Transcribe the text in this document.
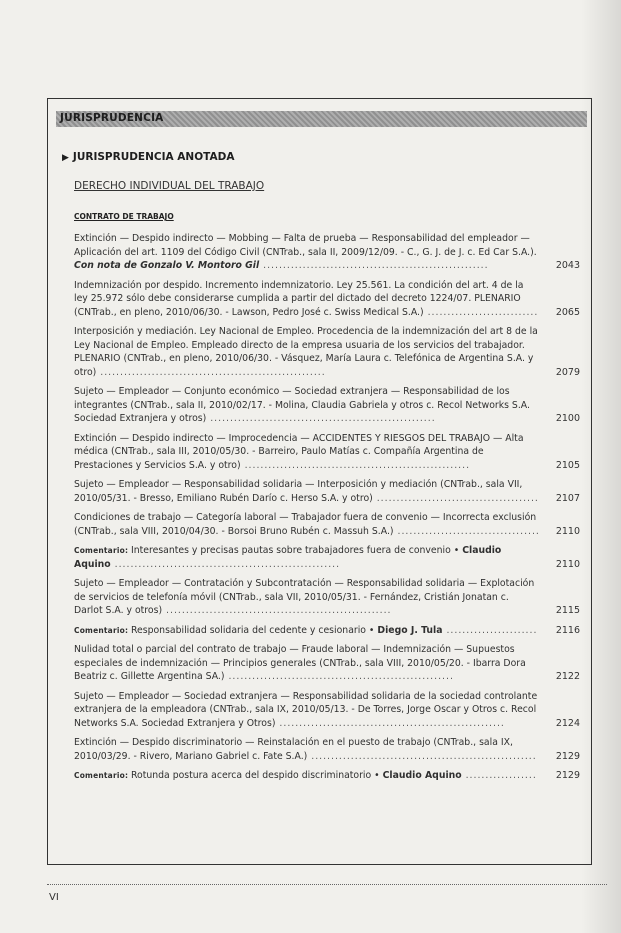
JURISPRUDENCIA
▶ JURISPRUDENCIA ANOTADA
DERECHO INDIVIDUAL DEL TRABAJO
CONTRATO DE TRABAJO
Extinción — Despido indirecto — Mobbing — Falta de prueba — Responsabilidad del empleador — Aplicación del art. 1109 del Código Civil (CNTrab., sala II, 2009/12/09. - C., G. J. de J. c. Ed Car S.A.). Con nota de Gonzalo V. Montoro Gil .........................................................	2043
Indemnización por despido. Incremento indemnizatorio. Ley 25.561. La condición del art. 4 de la ley 25.972 sólo debe considerarse cumplida a partir del dictado del decreto 1224/07. PLENARIO (CNTrab., en pleno, 2010/06/30. - Lawson, Pedro José c. Swiss Medical S.A.) ............................ 2065
Interposición y mediación. Ley Nacional de Empleo. Procedencia de la indemnización del art 8 de la Ley Nacional de Empleo. Empleado directo de la empresa usuaria de los servicios del trabajador. PLENARIO (CNTrab., en pleno, 2010/06/30. - Vásquez, María Laura c. Telefónica de Argentina S.A. y otro) .........................................................	2079
Sujeto — Empleador — Conjunto económico — Sociedad extranjera — Responsabilidad de los integrantes (CNTrab., sala II, 2010/02/17. - Molina, Claudia Gabriela y otros c. Recol Networks S.A. Sociedad Extranjera y otros) .........................................................	2100
Extinción — Despido indirecto — Improcedencia — ACCIDENTES Y RIESGOS DEL TRABAJO — Alta médica (CNTrab., sala III, 2010/05/30. - Barreiro, Paulo Matías c. Compañía Argentina de Prestaciones y Servicios S.A. y otro) .........................................................	2105
Sujeto — Empleador — Responsabilidad solidaria — Interposición y mediación (CNTrab., sala VII, 2010/05/31. - Bresso, Emiliano Rubén Darío c. Herso S.A. y otro) ......................................... 2107
Condiciones de trabajo — Categoría laboral — Trabajador fuera de convenio — Incorrecta exclusión (CNTrab., sala VIII, 2010/04/30. - Borsoi Bruno Rubén c. Massuh S.A.) .................................... 2110
Comentario: Interesantes y precisas pautas sobre trabajadores fuera de convenio • Claudio Aquino .........................................................	2110
Sujeto — Empleador — Contratación y Subcontratación — Responsabilidad solidaria — Explotación de servicios de telefonía móvil (CNTrab., sala VII, 2010/05/31. - Fernández, Cristián Jonatan c. Darlot S.A. y otros) .........................................................	2115
Comentario: Responsabilidad solidaria del cedente y cesionario • Diego J. Tula ....................... 2116
Nulidad total o parcial del contrato de trabajo — Fraude laboral — Indemnización — Supuestos especiales de indemnización — Principios generales (CNTrab., sala VIII, 2010/05/20. - Ibarra Dora Beatriz c. Gillette Argentina SA.) .........................................................	2122
Sujeto — Empleador — Sociedad extranjera — Responsabilidad solidaria de la sociedad controlante extranjera de la empleadora (CNTrab., sala IX, 2010/05/13. - De Torres, Jorge Oscar y Otros c. Recol Networks S.A. Sociedad Extranjera y Otros) .........................................................	2124
Extinción — Despido discriminatorio — Reinstalación en el puesto de trabajo (CNTrab., sala IX, 2010/03/29. - Rivero, Mariano Gabriel c. Fate S.A.) .........................................................	2129
Comentario: Rotunda postura acerca del despido discriminatorio • Claudio Aquino ..................	2129
VI
